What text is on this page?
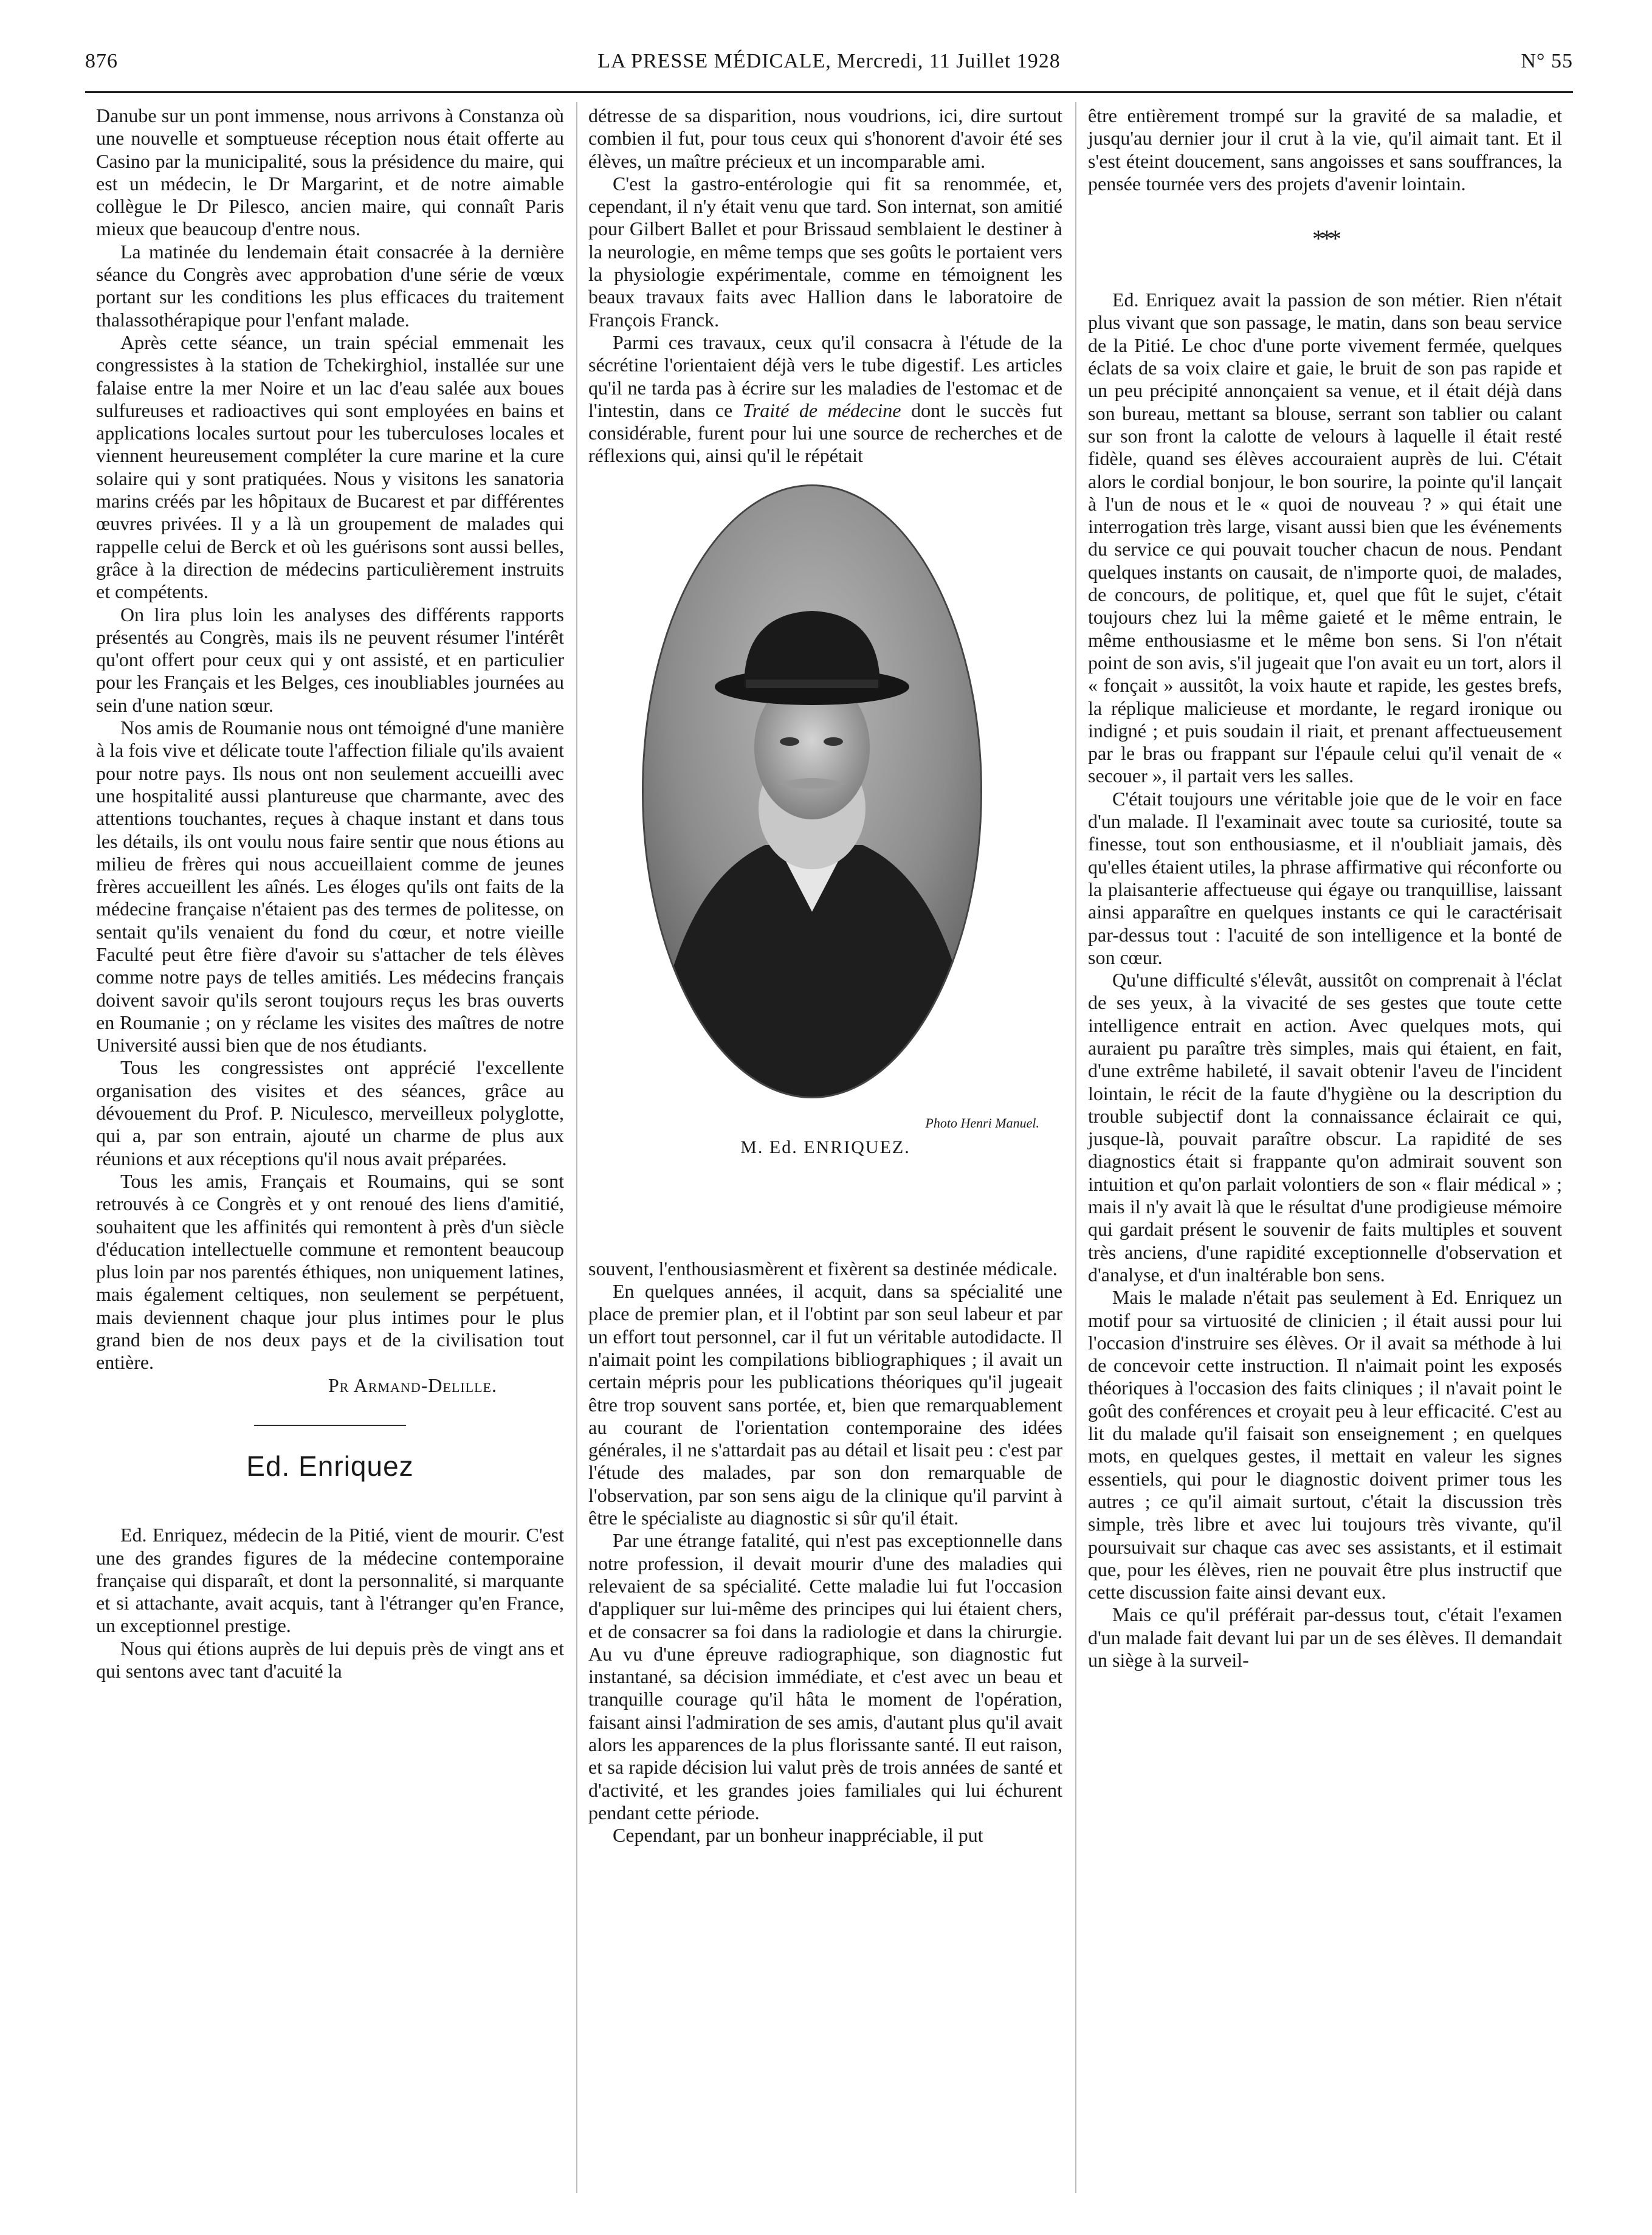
876	LA PRESSE MÉDICALE, Mercredi, 11 Juillet 1928	N° 55

Danube sur un pont immense, nous arrivons à Constanza où une nouvelle et somptueuse réception nous était offerte au Casino par la municipalité, sous la présidence du maire, qui est un médecin, le Dr Margarint, et de notre aimable collègue le Dr Pilesco, ancien maire, qui connaît Paris mieux que beaucoup d'entre nous.

La matinée du lendemain était consacrée à la dernière séance du Congrès avec approbation d'une série de vœux portant sur les conditions les plus efficaces du traitement thalassothérapique pour l'enfant malade.

Après cette séance, un train spécial emmenait les congressistes à la station de Tchekirghiol, installée sur une falaise entre la mer Noire et un lac d'eau salée aux boues sulfureuses et radioactives qui sont employées en bains et applications locales surtout pour les tuberculoses locales et viennent heureusement compléter la cure marine et la cure solaire qui y sont pratiquées. Nous y visitons les sanatoria marins créés par les hôpitaux de Bucarest et par différentes œuvres privées. Il y a là un groupement de malades qui rappelle celui de Berck et où les guérisons sont aussi belles, grâce à la direction de médecins particulièrement instruits et compétents.

On lira plus loin les analyses des différents rapports présentés au Congrès, mais ils ne peuvent résumer l'intérêt qu'ont offert pour ceux qui y ont assisté, et en particulier pour les Français et les Belges, ces inoubliables journées au sein d'une nation sœur.

Nos amis de Roumanie nous ont témoigné d'une manière à la fois vive et délicate toute l'affection filiale qu'ils avaient pour notre pays. Ils nous ont non seulement accueilli avec une hospitalité aussi plantureuse que charmante, avec des attentions touchantes, reçues à chaque instant et dans tous les détails, ils ont voulu nous faire sentir que nous étions au milieu de frères qui nous accueillaient comme de jeunes frères accueillent les aînés. Les éloges qu'ils ont faits de la médecine française n'étaient pas des termes de politesse, on sentait qu'ils venaient du fond du cœur, et notre vieille Faculté peut être fière d'avoir su s'attacher de tels élèves comme notre pays de telles amitiés. Les médecins français doivent savoir qu'ils seront toujours reçus les bras ouverts en Roumanie ; on y réclame les visites des maîtres de notre Université aussi bien que de nos étudiants.

Tous les congressistes ont apprécié l'excellente organisation des visites et des séances, grâce au dévouement du Prof. P. Niculesco, merveilleux polyglotte, qui a, par son entrain, ajouté un charme de plus aux réunions et aux réceptions qu'il nous avait préparées.

Tous les amis, Français et Roumains, qui se sont retrouvés à ce Congrès et y ont renoué des liens d'amitié, souhaitent que les affinités qui remontent à près d'un siècle d'éducation intellectuelle commune et remontent beaucoup plus loin par nos parentés éthiques, non uniquement latines, mais également celtiques, non seulement se perpétuent, mais deviennent chaque jour plus intimes pour le plus grand bien de nos deux pays et de la civilisation tout entière.

Pr Armand-Delille.

Ed. Enriquez

Ed. Enriquez, médecin de la Pitié, vient de mourir. C'est une des grandes figures de la médecine contemporaine française qui disparaît, et dont la personnalité, si marquante et si attachante, avait acquis, tant à l'étranger qu'en France, un exceptionnel prestige.

Nous qui étions auprès de lui depuis près de vingt ans et qui sentons avec tant d'acuité la

détresse de sa disparition, nous voudrions, ici, dire surtout combien il fut, pour tous ceux qui s'honorent d'avoir été ses élèves, un maître précieux et un incomparable ami.

C'est la gastro-entérologie qui fit sa renommée, et, cependant, il n'y était venu que tard. Son internat, son amitié pour Gilbert Ballet et pour Brissaud semblaient le destiner à la neurologie, en même temps que ses goûts le portaient vers la physiologie expérimentale, comme en témoignent les beaux travaux faits avec Hallion dans le laboratoire de François Franck.

Parmi ces travaux, ceux qu'il consacra à l'étude de la sécrétine l'orientaient déjà vers le tube digestif. Les articles qu'il ne tarda pas à écrire sur les maladies de l'estomac et de l'intestin, dans ce Traité de médecine dont le succès fut considérable, furent pour lui une source de recherches et de réflexions qui, ainsi qu'il le répétait

Photo Henri Manuel.
M. Ed. ENRIQUEZ.

souvent, l'enthousiasmèrent et fixèrent sa destinée médicale.

En quelques années, il acquit, dans sa spécialité une place de premier plan, et il l'obtint par son seul labeur et par un effort tout personnel, car il fut un véritable autodidacte. Il n'aimait point les compilations bibliographiques ; il avait un certain mépris pour les publications théoriques qu'il jugeait être trop souvent sans portée, et, bien que remarquablement au courant de l'orientation contemporaine des idées générales, il ne s'attardait pas au détail et lisait peu : c'est par l'étude des malades, par son don remarquable de l'observation, par son sens aigu de la clinique qu'il parvint à être le spécialiste au diagnostic si sûr qu'il était.

Par une étrange fatalité, qui n'est pas exceptionnelle dans notre profession, il devait mourir d'une des maladies qui relevaient de sa spécialité. Cette maladie lui fut l'occasion d'appliquer sur lui-même des principes qui lui étaient chers, et de consacrer sa foi dans la radiologie et dans la chirurgie. Au vu d'une épreuve radiographique, son diagnostic fut instantané, sa décision immédiate, et c'est avec un beau et tranquille courage qu'il hâta le moment de l'opération, faisant ainsi l'admiration de ses amis, d'autant plus qu'il avait alors les apparences de la plus florissante santé. Il eut raison, et sa rapide décision lui valut près de trois années de santé et d'activité, et les grandes joies familiales qui lui échurent pendant cette période.

Cependant, par un bonheur inappréciable, il put

être entièrement trompé sur la gravité de sa maladie, et jusqu'au dernier jour il crut à la vie, qu'il aimait tant. Et il s'est éteint doucement, sans angoisses et sans souffrances, la pensée tournée vers des projets d'avenir lointain.

***

Ed. Enriquez avait la passion de son métier. Rien n'était plus vivant que son passage, le matin, dans son beau service de la Pitié. Le choc d'une porte vivement fermée, quelques éclats de sa voix claire et gaie, le bruit de son pas rapide et un peu précipité annonçaient sa venue, et il était déjà dans son bureau, mettant sa blouse, serrant son tablier ou calant sur son front la calotte de velours à laquelle il était resté fidèle, quand ses élèves accouraient auprès de lui. C'était alors le cordial bonjour, le bon sourire, la pointe qu'il lançait à l'un de nous et le « quoi de nouveau ? » qui était une interrogation très large, visant aussi bien que les événements du service ce qui pouvait toucher chacun de nous. Pendant quelques instants on causait, de n'importe quoi, de malades, de concours, de politique, et, quel que fût le sujet, c'était toujours chez lui la même gaieté et le même entrain, le même enthousiasme et le même bon sens. Si l'on n'était point de son avis, s'il jugeait que l'on avait eu un tort, alors il « fonçait » aussitôt, la voix haute et rapide, les gestes brefs, la réplique malicieuse et mordante, le regard ironique ou indigné ; et puis soudain il riait, et prenant affectueusement par le bras ou frappant sur l'épaule celui qu'il venait de « secouer », il partait vers les salles.

C'était toujours une véritable joie que de le voir en face d'un malade. Il l'examinait avec toute sa curiosité, toute sa finesse, tout son enthousiasme, et il n'oubliait jamais, dès qu'elles étaient utiles, la phrase affirmative qui réconforte ou la plaisanterie affectueuse qui égaye ou tranquillise, laissant ainsi apparaître en quelques instants ce qui le caractérisait par-dessus tout : l'acuité de son intelligence et la bonté de son cœur.

Qu'une difficulté s'élevât, aussitôt on comprenait à l'éclat de ses yeux, à la vivacité de ses gestes que toute cette intelligence entrait en action. Avec quelques mots, qui auraient pu paraître très simples, mais qui étaient, en fait, d'une extrême habileté, il savait obtenir l'aveu de l'incident lointain, le récit de la faute d'hygiène ou la description du trouble subjectif dont la connaissance éclairait ce qui, jusque-là, pouvait paraître obscur. La rapidité de ses diagnostics était si frappante qu'on admirait souvent son intuition et qu'on parlait volontiers de son « flair médical » ; mais il n'y avait là que le résultat d'une prodigieuse mémoire qui gardait présent le souvenir de faits multiples et souvent très anciens, d'une rapidité exceptionnelle d'observation et d'analyse, et d'un inaltérable bon sens.

Mais le malade n'était pas seulement à Ed. Enriquez un motif pour sa virtuosité de clinicien ; il était aussi pour lui l'occasion d'instruire ses élèves. Or il avait sa méthode à lui de concevoir cette instruction. Il n'aimait point les exposés théoriques à l'occasion des faits cliniques ; il n'avait point le goût des conférences et croyait peu à leur efficacité. C'est au lit du malade qu'il faisait son enseignement ; en quelques mots, en quelques gestes, il mettait en valeur les signes essentiels, qui pour le diagnostic doivent primer tous les autres ; ce qu'il aimait surtout, c'était la discussion très simple, très libre et avec lui toujours très vivante, qu'il poursuivait sur chaque cas avec ses assistants, et il estimait que, pour les élèves, rien ne pouvait être plus instructif que cette discussion faite ainsi devant eux.

Mais ce qu'il préférait par-dessus tout, c'était l'examen d'un malade fait devant lui par un de ses élèves. Il demandait un siège à la surveil-
